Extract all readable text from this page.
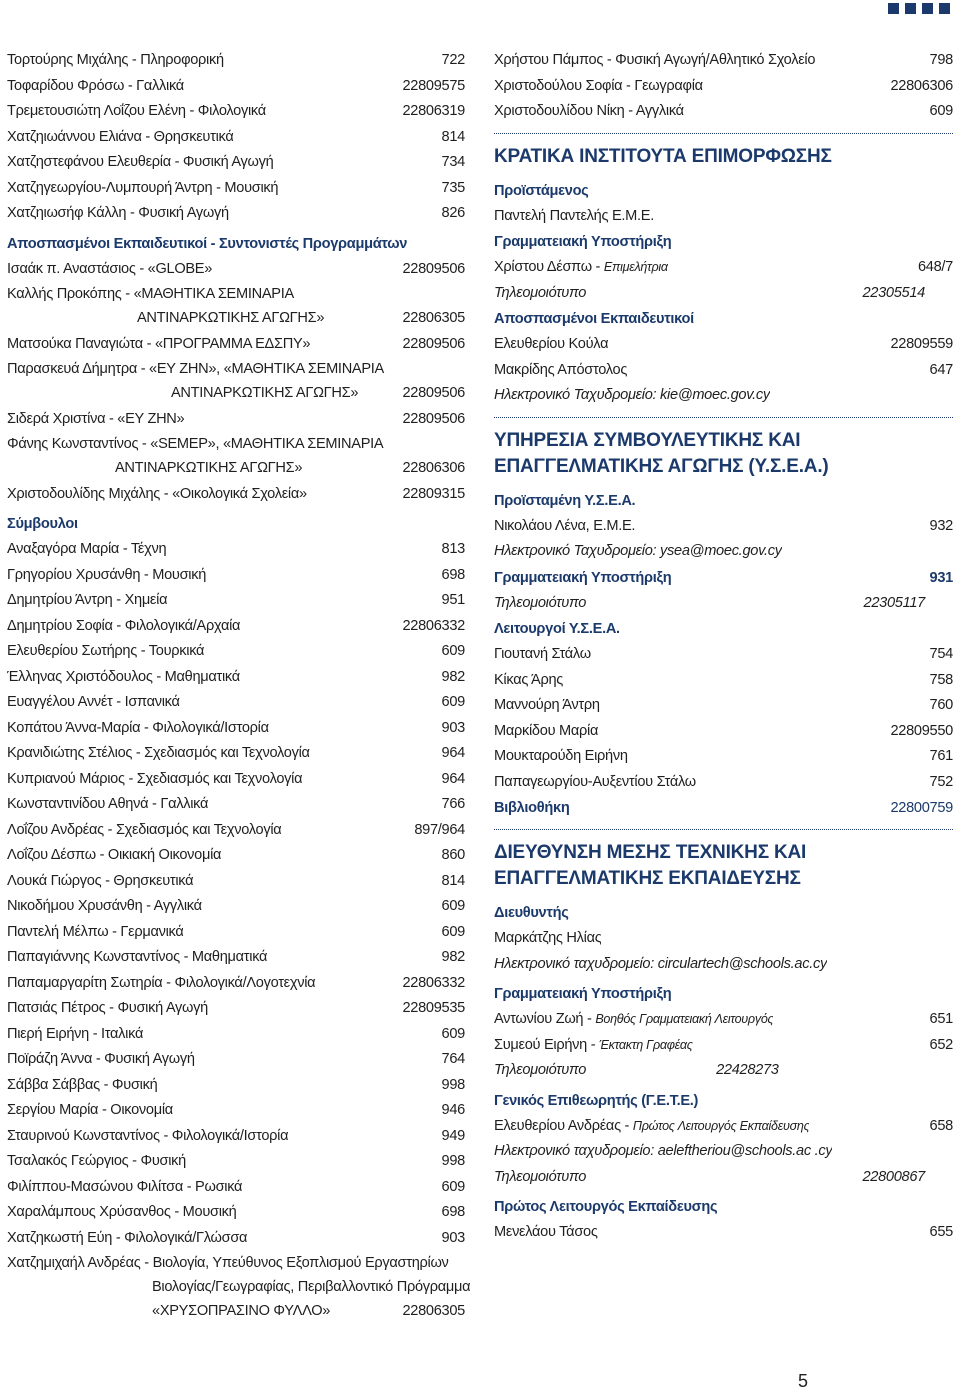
Τορτούρης Μιχάλης - Πληροφορική	722
Τοφαρίδου Φρόσω - Γαλλικά	22809575
Τρεμετουσιώτη Λοΐζου Ελένη - Φιλολογικά	22806319
Χατζηιωάννου Ελιάνα - Θρησκευτικά	814
Χατζηστεφάνου Ελευθερία - Φυσική Αγωγή	734
Χατζηγεωργίου-Λυμπουρή Άντρη - Μουσική	735
Χατζηιωσήφ Κάλλη - Φυσική Αγωγή	826
Αποσπασμένοι Εκπαιδευτικοί - Συντονιστές Προγραμμάτων
Ισαάκ π. Αναστάσιος - «GLOBE»	22809506
Καλλής Προκόπης - «ΜΑΘΗΤΙΚΑ ΣΕΜΙΝΑΡΙΑ
ΑΝΤΙΝΑΡΚΩΤΙΚΗΣ ΑΓΩΓΗΣ»	22806305
Ματσούκα Παναγιώτα - «ΠΡΟΓΡΑΜΜΑ ΕΔΣΠΥ»	22809506
Παρασκευά Δήμητρα - «ΕΥ ΖΗΝ», «ΜΑΘΗΤΙΚΑ ΣΕΜΙΝΑΡΙΑ
ΑΝΤΙΝΑΡΚΩΤΙΚΗΣ ΑΓΩΓΗΣ»	22809506
Σιδερά Χριστίνα - «ΕΥ ΖΗΝ»	22809506
Φάνης Κωνσταντίνος - «SEMEP», «ΜΑΘΗΤΙΚΑ ΣΕΜΙΝΑΡΙΑ
ΑΝΤΙΝΑΡΚΩΤΙΚΗΣ ΑΓΩΓΗΣ»	22806306
Χριστοδουλίδης Μιχάλης - «Οικολογικά Σχολεία»	22809315
Σύμβουλοι
Αναξαγόρα Μαρία - Τέχνη	813
Γρηγορίου Χρυσάνθη - Μουσική	698
Δημητρίου Άντρη - Χημεία	951
Δημητρίου Σοφία - Φιλολογικά/Αρχαία	22806332
Ελευθερίου Σωτήρης - Τουρκικά	609
Έλληνας Χριστόδουλος - Μαθηματικά	982
Ευαγγέλου Αννέτ - Ισπανικά	609
Κοπάτου Άννα-Μαρία - Φιλολογικά/Ιστορία	903
Κρανιδιώτης Στέλιος - Σχεδιασμός και Τεχνολογία	964
Κυπριανού Μάριος - Σχεδιασμός και Τεχνολογία	964
Κωνσταντινίδου Αθηνά - Γαλλικά	766
Λοΐζου Ανδρέας - Σχεδιασμός και Τεχνολογία	897/964
Λοΐζου Δέσπω - Οικιακή Οικονομία	860
Λουκά Γιώργος - Θρησκευτικά	814
Νικοδήμου Χρυσάνθη - Αγγλικά	609
Παντελή Μέλπω - Γερμανικά	609
Παπαγιάννης Κωνσταντίνος - Μαθηματικά	982
Παπαμαργαρίτη Σωτηρία - Φιλολογικά/Λογοτεχνία	22806332
Πατσιάς Πέτρος - Φυσική Αγωγή	22809535
Πιερή Ειρήνη - Ιταλικά	609
Ποϊράζη Άννα - Φυσική Αγωγή	764
Σάββα Σάββας - Φυσική	998
Σεργίου Μαρία - Οικονομία	946
Σταυρινού Κωνσταντίνος - Φιλολογικά/Ιστορία	949
Τσαλακός Γεώργιος - Φυσική	998
Φιλίππου-Μασώνου Φιλίτσα - Ρωσικά	609
Χαραλάμπους Χρύσανθος - Μουσική	698
Χατζηκωστή Εύη - Φιλολογικά/Γλώσσα	903
Χατζημιχαήλ Ανδρέας - Βιολογία, Υπεύθυνος Εξοπλισμού Εργαστηρίων
Βιολογίας/Γεωγραφίας, Περιβαλλοντικό Πρόγραμμα
«ΧΡΥΣΟΠΡΑΣΙΝΟ ΦΥΛΛΟ»	22806305
Χρήστου Πάμπος - Φυσική Αγωγή/Αθλητικό Σχολείο	798
Χριστοδούλου Σοφία - Γεωγραφία	22806306
Χριστοδουλίδου Νίκη - Αγγλικά	609
ΚΡΑΤΙΚΑ ΙΝΣΤΙΤΟΥΤΑ ΕΠΙΜΟΡΦΩΣΗΣ
Προϊστάμενος
Παντελή Παντελής Ε.Μ.Ε.
Γραμματειακή Υποστήριξη
Χρίστου Δέσπω - Επιμελήτρια	648/7
Τηλεομοιότυπο	22305514
Αποσπασμένοι Εκπαιδευτικοί
Ελευθερίου Κούλα	22809559
Μακρίδης Απόστολος	647
Ηλεκτρονικό Ταχυδρομείο: kie@moec.gov.cy
ΥΠΗΡΕΣΙΑ ΣΥΜΒΟΥΛΕΥΤΙΚΗΣ ΚΑΙ ΕΠΑΓΓΕΛΜΑΤΙΚΗΣ ΑΓΩΓΗΣ (Υ.Σ.Ε.Α.)
Προϊσταμένη Υ.Σ.Ε.Α.
Νικολάου Λένα, Ε.Μ.Ε.	932
Ηλεκτρονικό Ταχυδρομείο: ysea@moec.gov.cy
Γραμματειακή Υποστήριξη	931
Τηλεομοιότυπο	22305117
Λειτουργοί Υ.Σ.Ε.Α.
Γιουτανή Στάλω	754
Κίκας Άρης	758
Μαννούρη Άντρη	760
Μαρκίδου Μαρία	22809550
Μουκταρούδη Ειρήνη	761
Παπαγεωργίου-Αυξεντίου Στάλω	752
Βιβλιοθήκη	22800759
ΔΙΕΥΘΥΝΣΗ ΜΕΣΗΣ ΤΕΧΝΙΚΗΣ ΚΑΙ ΕΠΑΓΓΕΛΜΑΤΙΚΗΣ ΕΚΠΑΙΔΕΥΣΗΣ
Διευθυντής
Μαρκάτζης Ηλίας
Ηλεκτρονικό ταχυδρομείο: circulartech@schools.ac.cy
Γραμματειακή Υποστήριξη
Αντωνίου Ζωή - Βοηθός Γραμματειακή Λειτουργός	651
Συμεού Ειρήνη - Έκτακτη Γραφέας	652
Τηλεομοιότυπο	22428273
Γενικός Επιθεωρητής (Γ.Ε.Τ.Ε.)
Ελευθερίου Ανδρέας - Πρώτος Λειτουργός Εκπαίδευσης	658
Ηλεκτρονικό ταχυδρομείο: aeleftheriou@schools.ac .cy
Τηλεομοιότυπο	22800867
Πρώτος Λειτουργός Εκπαίδευσης
Μενελάου Τάσος	655
5
